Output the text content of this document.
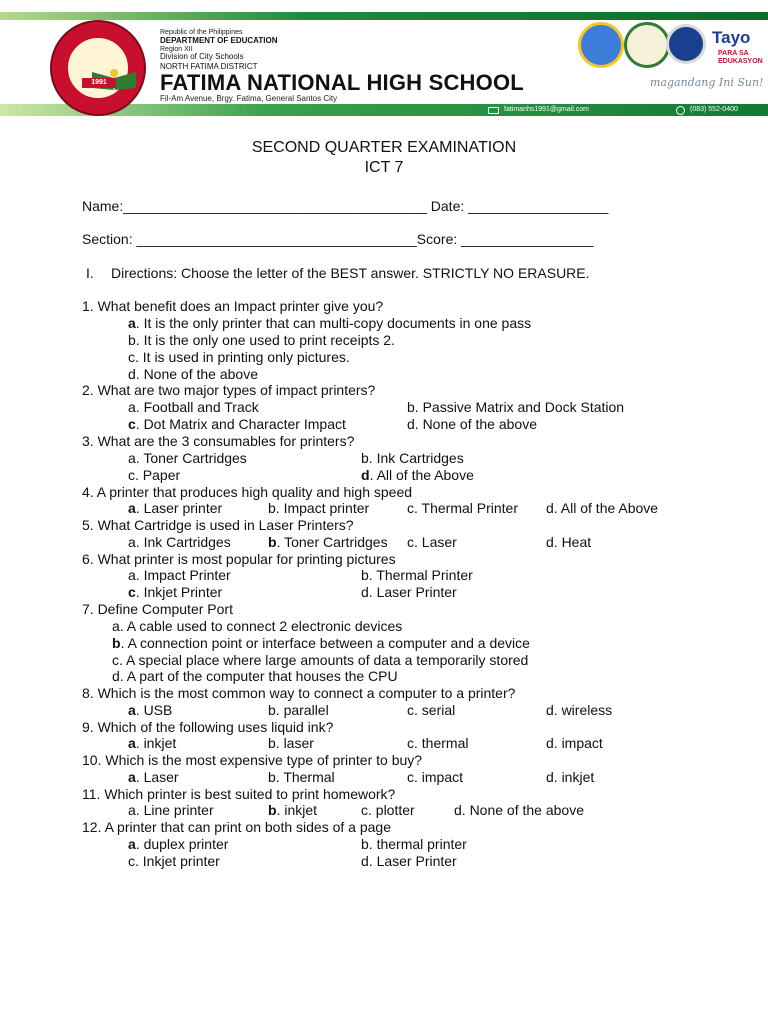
1991
Republic of the Philippines
DEPARTMENT OF EDUCATION
Region XII
Division of City Schools
NORTH FATIMA DISTRICT
FATIMA NATIONAL HIGH SCHOOL
Fil-Am Avenue, Brgy. Fatima, General Santos City
fatimanhs1991@gmail.com	(083) 552-0400
Tayo
PARA SA
EDUKASYON
magandang Ini Sun!
SECOND QUARTER EXAMINATION
ICT 7
Name:_______________________________________ Date: __________________
Section: ____________________________________Score: _________________
I. Directions: Choose the letter of the BEST answer. STRICTLY NO ERASURE.
1. What benefit does an Impact printer give you?
a. It is the only printer that can multi-copy documents in one pass
b. It is the only one used to print receipts 2.
c. It is used in printing only pictures.
d. None of the above
2. What are two major types of impact printers?
a. Football and Track	b. Passive Matrix and Dock Station
c. Dot Matrix and Character Impact	d. None of the above
3. What are the 3 consumables for printers?
a. Toner Cartridges	b. Ink Cartridges
c. Paper	d. All of the Above
4. A printer that produces high quality and high speed
a. Laser printer	b. Impact printer	c. Thermal Printer d. All of the Above
5. What Cartridge is used in Laser Printers?
a. Ink Cartridges	b. Toner Cartridges c. Laser	d. Heat
6. What printer is most popular for printing pictures
a. Impact Printer	b. Thermal Printer
c. Inkjet Printer	d. Laser Printer
7. Define Computer Port
a. A cable used to connect 2 electronic devices
b. A connection point or interface between a computer and a device
c. A special place where large amounts of data a temporarily stored
d. A part of the computer that houses the CPU
8. Which is the most common way to connect a computer to a printer?
a. USB	b. parallel	c. serial	d. wireless
9. Which of the following uses liquid ink?
a. inkjet	b. laser	c. thermal	d. impact
10. Which is the most expensive type of printer to buy?
a. Laser	b. Thermal	c. impact	d. inkjet
11. Which printer is best suited to print homework?
a. Line printer	b. inkjet	c. plotter	d. None of the above
12. A printer that can print on both sides of a page
a. duplex printer	b. thermal printer
c. Inkjet printer	d. Laser Printer
